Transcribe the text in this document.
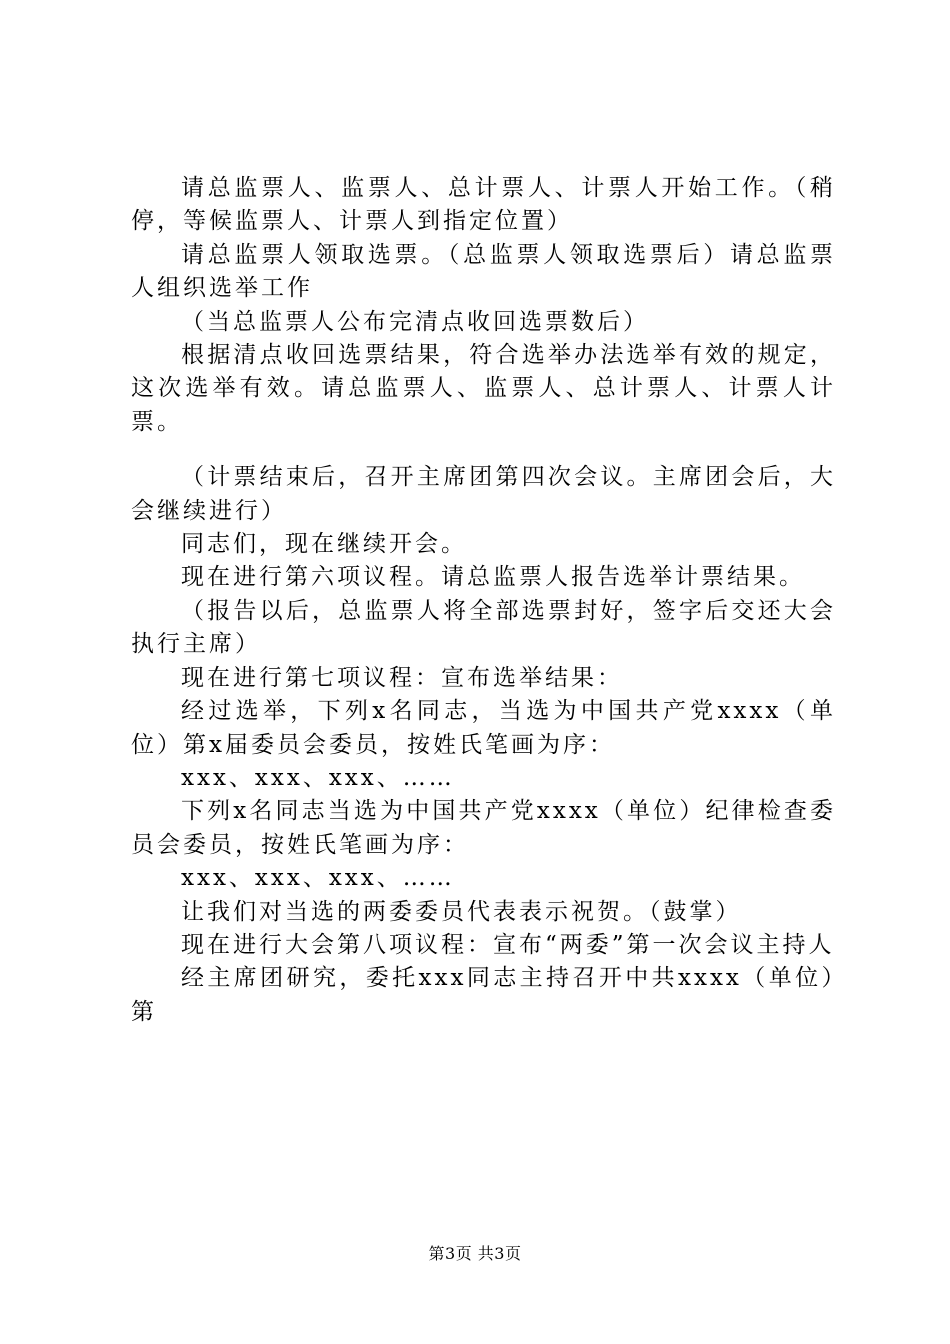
请总监票人、监票人、总计票人、计票人开始工作。（稍停，等候监票人、计票人到指定位置）

请总监票人领取选票。（总监票人领取选票后）请总监票人组织选举工作

（当总监票人公布完清点收回选票数后）

根据清点收回选票结果，符合选举办法选举有效的规定，这次选举有效。请总监票人、监票人、总计票人、计票人计票。

（计票结束后，召开主席团第四次会议。主席团会后，大会继续进行）

同志们，现在继续开会。

现在进行第六项议程。请总监票人报告选举计票结果。

（报告以后，总监票人将全部选票封好，签字后交还大会执行主席）

现在进行第七项议程：宣布选举结果：

经过选举，下列x名同志，当选为中国共产党xxxx（单位）第x届委员会委员，按姓氏笔画为序：

xxx、xxx、xxx、……

下列x名同志当选为中国共产党xxxx（单位）纪律检查委员会委员，按姓氏笔画为序：

xxx、xxx、xxx、……

让我们对当选的两委委员代表表示祝贺。（鼓掌）

现在进行大会第八项议程：宣布“两委”第一次会议主持人

经主席团研究，委托xxx同志主持召开中共xxxx（单位）第

第3页 共3页
